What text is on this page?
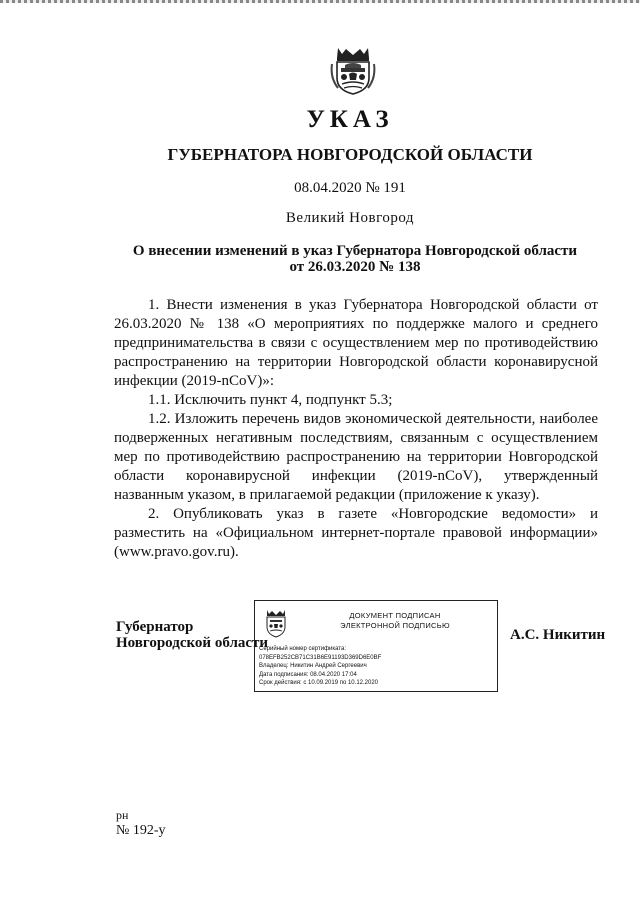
УКАЗ
ГУБЕРНАТОРА НОВГОРОДСКОЙ ОБЛАСТИ
08.04.2020 № 191
Великий Новгород
О внесении изменений в указ Губернатора Новгородской области
от 26.03.2020 № 138

1. Внести изменения в указ Губернатора Новгородской области от 26.03.2020 № 138 «О мероприятиях по поддержке малого и среднего предпринимательства в связи с осуществлением мер по противодействию распространению на территории Новгородской области коронавирусной инфекции (2019-nCoV)»:

1.1. Исключить пункт 4, подпункт 5.3;

1.2. Изложить перечень видов экономической деятельности, наиболее подверженных негативным последствиям, связанным с осуществлением мер по противодействию распространению на территории Новгородской области коронавирусной инфекции (2019-nCoV), утвержденный названным указом, в прилагаемой редакции (приложение к указу).

2. Опубликовать указ в газете «Новгородские ведомости» и разместить на «Официальном интернет-портале правовой информации» (www.pravo.gov.ru).

Губернатор
Новгородской области
ДОКУМЕНТ ПОДПИСАН
ЭЛЕКТРОННОЙ ПОДПИСЬЮ
Серийный номер сертификата:
078EFB252CB71C31B6E91193D369D6E0BF
Владелец: Никитин Андрей Сергеевич
Дата подписания: 08.04.2020 17:04
Срок действия: с 10.09.2019 по 10.12.2020
А.С. Никитин
рн
№ 192-у
